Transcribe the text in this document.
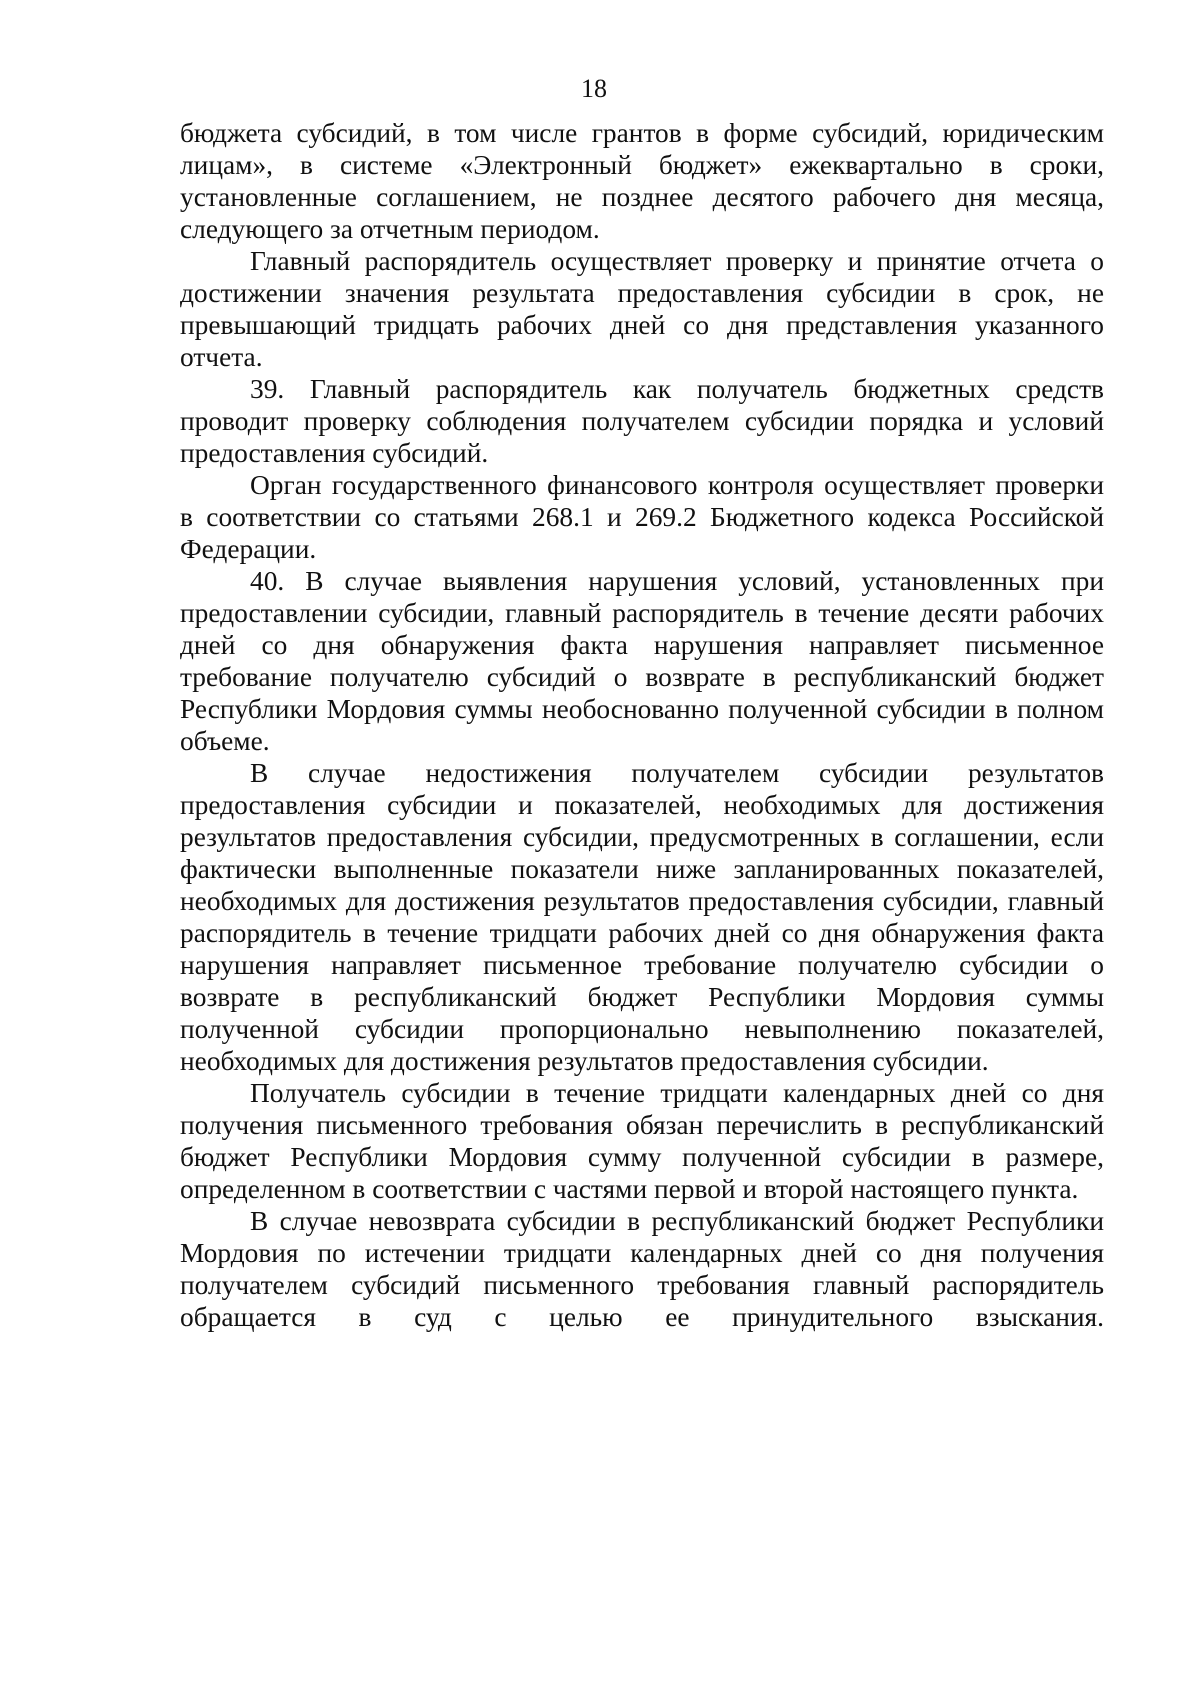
18

бюджета субсидий, в том числе грантов в форме субсидий, юридическим лицам», в системе «Электронный бюджет» ежеквартально в сроки, установленные соглашением, не позднее десятого рабочего дня месяца, следующего за отчетным периодом.

Главный распорядитель осуществляет проверку и принятие отчета о достижении значения результата предоставления субсидии в срок, не превышающий тридцать рабочих дней со дня представления указанного отчета.

39. Главный распорядитель как получатель бюджетных средств проводит проверку соблюдения получателем субсидии порядка и условий предоставления субсидий.

Орган государственного финансового контроля осуществляет проверки в соответствии со статьями 268.1 и 269.2 Бюджетного кодекса Российской Федерации.

40. В случае выявления нарушения условий, установленных при предоставлении субсидии, главный распорядитель в течение десяти рабочих дней со дня обнаружения факта нарушения направляет письменное требование получателю субсидий о возврате в республиканский бюджет Республики Мордовия суммы необоснованно полученной субсидии в полном объеме.

В случае недостижения получателем субсидии результатов предоставления субсидии и показателей, необходимых для достижения результатов предоставления субсидии, предусмотренных в соглашении, если фактически выполненные показатели ниже запланированных показателей, необходимых для достижения результатов предоставления субсидии, главный распорядитель в течение тридцати рабочих дней со дня обнаружения факта нарушения направляет письменное требование получателю субсидии о возврате в республиканский бюджет Республики Мордовия суммы полученной субсидии пропорционально невыполнению показателей, необходимых для достижения результатов предоставления субсидии.

Получатель субсидии в течение тридцати календарных дней со дня получения письменного требования обязан перечислить в республиканский бюджет Республики Мордовия сумму полученной субсидии в размере, определенном в соответствии с частями первой и второй настоящего пункта.

В случае невозврата субсидии в республиканский бюджет Республики Мордовия по истечении тридцати календарных дней со дня получения получателем субсидий письменного требования главный распорядитель обращается в суд с целью ее принудительного взыскания.
